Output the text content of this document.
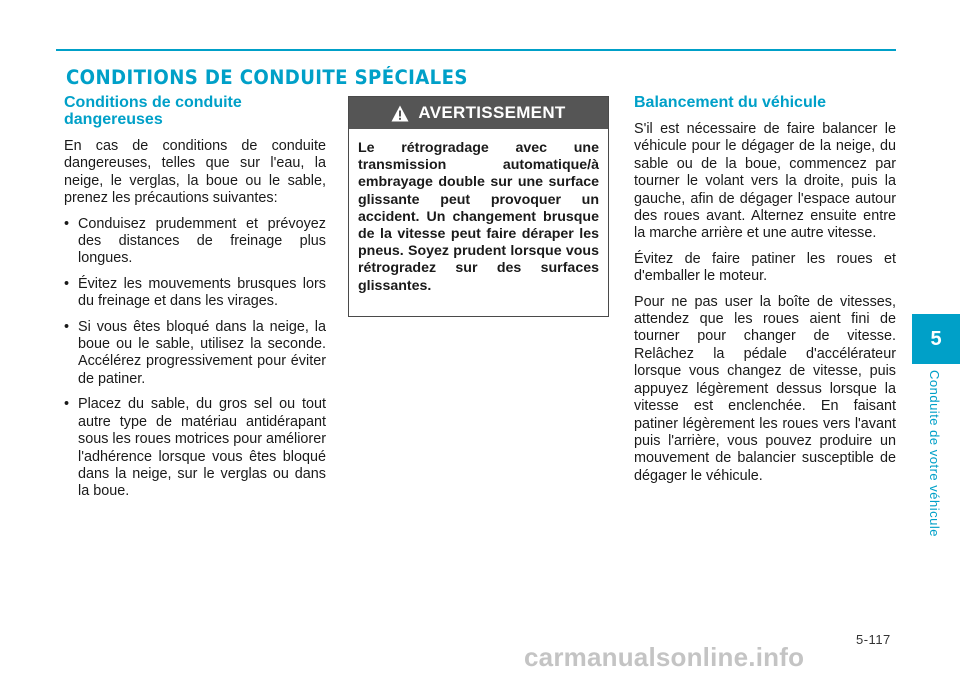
CONDITIONS DE CONDUITE SPÉCIALES
Conditions de conduite dangereuses

En cas de conditions de conduite dangereuses, telles que sur l'eau, la neige, le verglas, la boue ou le sable, prenez les précautions suivantes:

• Conduisez prudemment et prévoyez des distances de freinage plus longues.
• Évitez les mouvements brusques lors du freinage et dans les virages.
• Si vous êtes bloqué dans la neige, la boue ou le sable, utilisez la seconde. Accélérez progressivement pour éviter de patiner.
• Placez du sable, du gros sel ou tout autre type de matériau antidérapant sous les roues motrices pour améliorer l'adhérence lorsque vous êtes bloqué dans la neige, sur le verglas ou dans la boue.
AVERTISSEMENT

Le rétrogradage avec une transmission automatique/à embrayage double sur une surface glissante peut provoquer un accident. Un changement brusque de la vitesse peut faire déraper les pneus. Soyez prudent lorsque vous rétrogradez sur des surfaces glissantes.

Balancement du véhicule

S'il est nécessaire de faire balancer le véhicule pour le dégager de la neige, du sable ou de la boue, commencez par tourner le volant vers la droite, puis la gauche, afin de dégager l'espace autour des roues avant. Alternez ensuite entre la marche arrière et une autre vitesse.

Évitez de faire patiner les roues et d'emballer le moteur.

Pour ne pas user la boîte de vitesses, attendez que les roues aient fini de tourner pour changer de vitesse. Relâchez la pédale d'accélérateur lorsque vous changez de vitesse, puis appuyez légèrement dessus lorsque la vitesse est enclenchée. En faisant patiner légèrement les roues vers l'avant puis l'arrière, vous pouvez produire un mouvement de balancier susceptible de dégager le véhicule.

5
Conduite de votre véhicule
5-117
carmanualsonline.info
